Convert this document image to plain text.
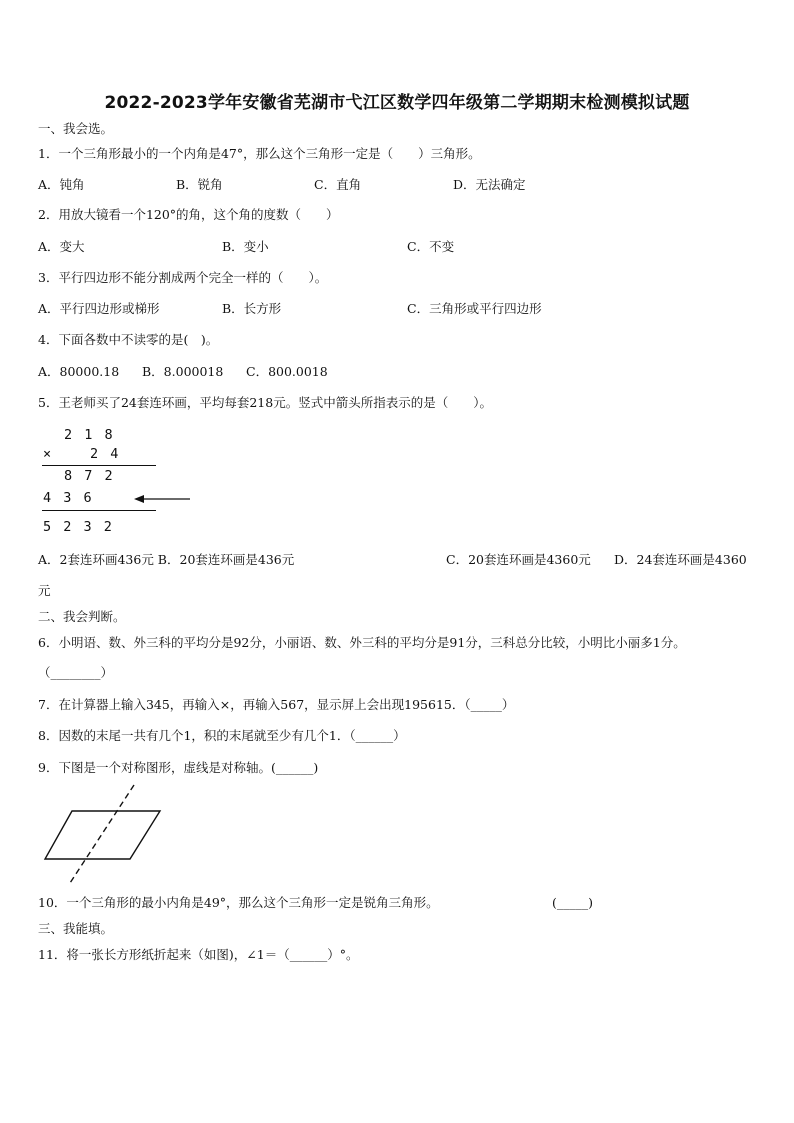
2022-2023学年安徽省芜湖市弋江区数学四年级第二学期期末检测模拟试题
一、我会选。
1．一个三角形最小的一个内角是47°，那么这个三角形一定是（　　）三角形。
A．钝角	B．锐角	C．直角	D．无法确定
2．用放大镜看一个120°的角，这个角的度数（　　）
A．变大	B．变小	C．不变
3．平行四边形不能分割成两个完全一样的（　　）。
A．平行四边形或梯形	B．长方形	C．三角形或平行四边形
4．下面各数中不读零的是(　)。
A．80000.18 B．8.000018 C．800.0018
5．王老师买了24套连环画，平均每套218元。竖式中箭头所指表示的是（　　）。
2 1 8
×	2 4
8 7 2
4 3 6
5 2 3 2
A．2套连环画436元 B．20套连环画是436元	C．20套连环画是4360元 D．24套连环画是4360
元
二、我会判断。
6．小明语、数、外三科的平均分是92分，小丽语、数、外三科的平均分是91分，三科总分比较，小明比小丽多1分。
（________）
7．在计算器上输入345，再输入×，再输入567，显示屏上会出现195615．（_____）
8．因数的末尾一共有几个1，积的末尾就至少有几个1．（______）
9．下图是一个对称图形，虚线是对称轴。(______)
10．一个三角形的最小内角是49°，那么这个三角形一定是锐角三角形。	(_____)
三、我能填。
11．将一张长方形纸折起来（如图)，∠1＝（______）°。
